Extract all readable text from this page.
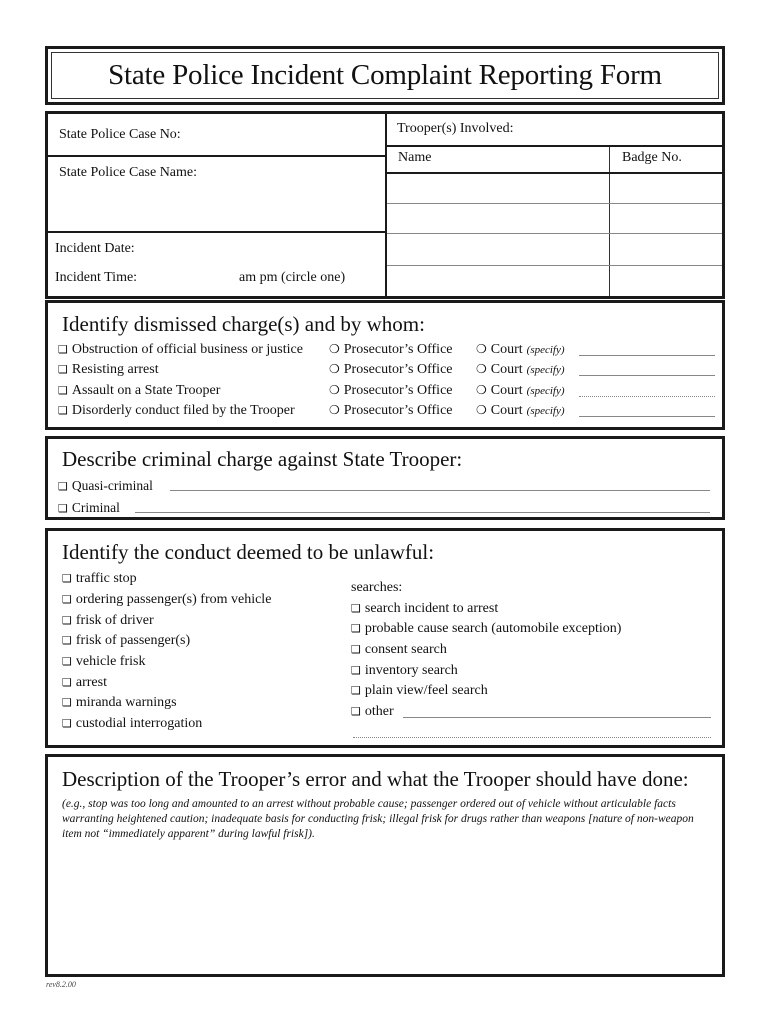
State Police Incident Complaint Reporting Form
State Police Case No:
State Police Case Name:
Incident Date:
Incident Time:	am pm (circle one)
Trooper(s) Involved:
Name	Badge No.
Identify dismissed charge(s) and by whom:
❑ Obstruction of official business or justice ❍ Prosecutor’s Office ❍ Court (specify)
❑ Resisting arrest	❍ Prosecutor’s Office ❍ Court (specify)
❑ Assault on a State Trooper	❍ Prosecutor’s Office ❍ Court (specify)
❑ Disorderly conduct filed by the Trooper	❍ Prosecutor’s Office ❍ Court (specify)
Describe criminal charge against State Trooper:
❑ Quasi-criminal
❑ Criminal
Identify the conduct deemed to be unlawful:
❑ traffic stop
❑ ordering passenger(s) from vehicle
❑ frisk of driver
❑ frisk of passenger(s)
❑ vehicle frisk
❑ arrest
❑ miranda warnings
❑ custodial interrogation
searches:
❑ search incident to arrest
❑ probable cause search (automobile exception)
❑ consent search
❑ inventory search
❑ plain view/feel search
❑ other
Description of the Trooper’s error and what the Trooper should have done:
(e.g., stop was too long and amounted to an arrest without probable cause; passenger ordered out of vehicle without articulable facts warranting heightened caution; inadequate basis for conducting frisk; illegal frisk for drugs rather than weapons [nature of non-weapon item not “immediately apparent” during lawful frisk]).
rev8.2.00
